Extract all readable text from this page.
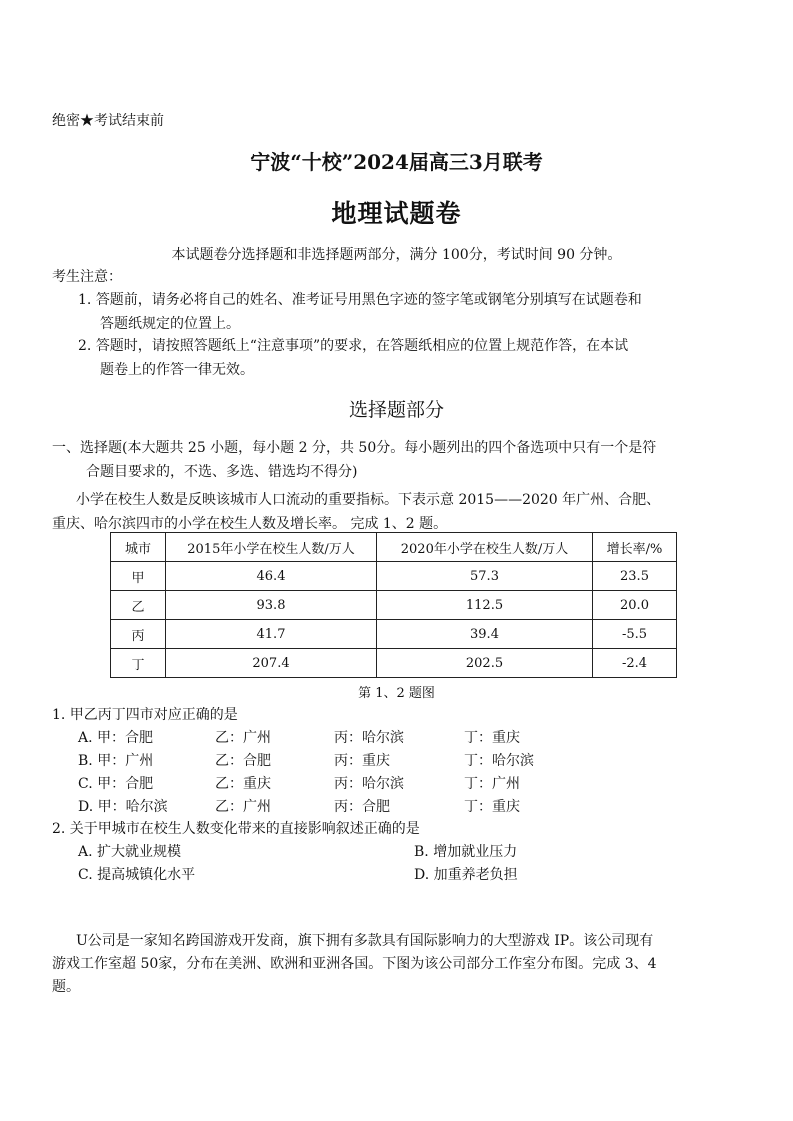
绝密★考试结束前
宁波“十校”2024届高三3月联考
地理试题卷
本试题卷分选择题和非选择题两部分，满分 100分，考试时间 90 分钟。
考生注意：
1. 答题前，请务必将自己的姓名、准考证号用黑色字迹的签字笔或钢笔分别填写在试题卷和
答题纸规定的位置上。
2. 答题时，请按照答题纸上“注意事项”的要求，在答题纸相应的位置上规范作答，在本试
题卷上的作答一律无效。
选择题部分
一、选择题(本大题共 25 小题，每小题 2 分，共 50分。每小题列出的四个备选项中只有一个是符
合题目要求的，不选、多选、错选均不得分)
小学在校生人数是反映该城市人口流动的重要指标。下表示意 2015——2020 年广州、合肥、
重庆、哈尔滨四市的小学在校生人数及增长率。 完成 1、2 题。
城市	2015年小学在校生人数/万人	2020年小学在校生人数/万人	增长率/%
甲	46.4	57.3	23.5
乙	93.8	112.5	20.0
丙	41.7	39.4	-5.5
丁	207.4	202.5	-2.4
第 1、2 题图
1. 甲乙丙丁四市对应正确的是
A. 甲：合肥	乙：广州	丙：哈尔滨	丁：重庆
B. 甲：广州	乙：合肥	丙：重庆	丁：哈尔滨
C. 甲：合肥	乙：重庆	丙：哈尔滨	丁：广州
D. 甲：哈尔滨	乙：广州	丙：合肥	丁：重庆
2. 关于甲城市在校生人数变化带来的直接影响叙述正确的是
A. 扩大就业规模	B. 增加就业压力
C. 提高城镇化水平	D. 加重养老负担
U公司是一家知名跨国游戏开发商，旗下拥有多款具有国际影响力的大型游戏 IP。该公司现有
游戏工作室超 50家，分布在美洲、欧洲和亚洲各国。下图为该公司部分工作室分布图。完成 3、4
题。
